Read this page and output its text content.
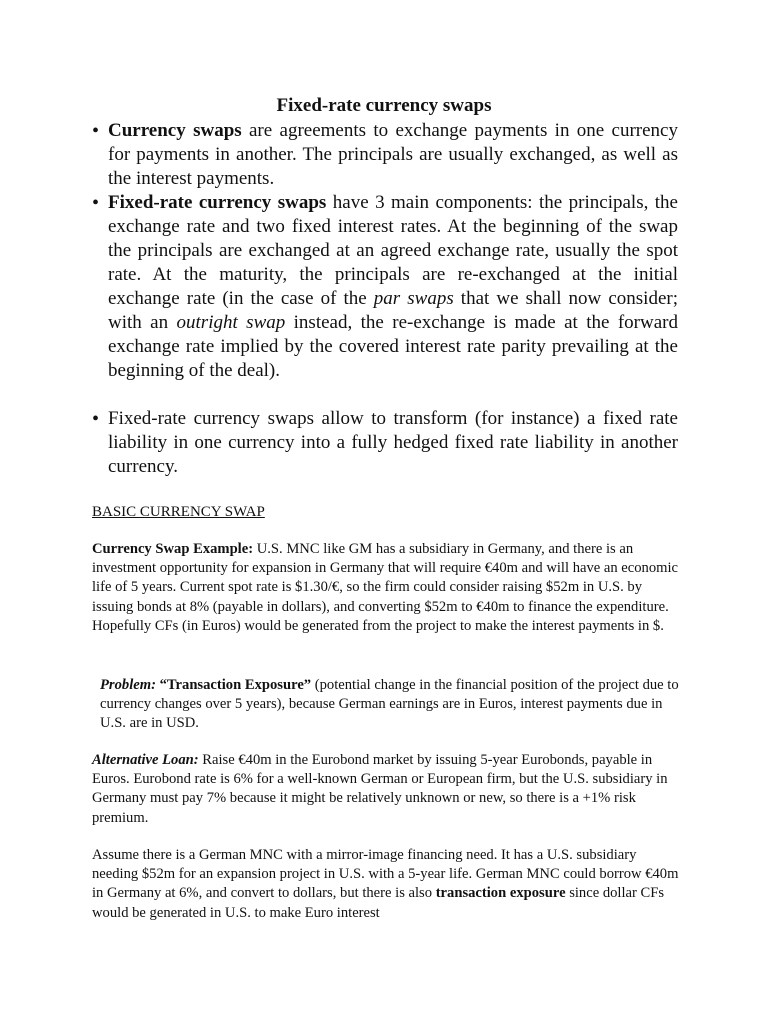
Fixed-rate currency swaps
• Currency swaps are agreements to exchange payments in one currency for payments in another. The principals are usually exchanged, as well as the interest payments.
• Fixed-rate currency swaps have 3 main components: the principals, the exchange rate and two fixed interest rates. At the beginning of the swap the principals are exchanged at an agreed exchange rate, usually the spot rate. At the maturity, the principals are re-exchanged at the initial exchange rate (in the case of the par swaps that we shall now consider; with an outright swap instead, the re-exchange is made at the forward exchange rate implied by the covered interest rate parity prevailing at the beginning of the deal).
• Fixed-rate currency swaps allow to transform (for instance) a fixed rate liability in one currency into a fully hedged fixed rate liability in another currency.
BASIC CURRENCY SWAP

Currency Swap Example: U.S. MNC like GM has a subsidiary in Germany, and there is an investment opportunity for expansion in Germany that will require €40m and will have an economic life of 5 years. Current spot rate is $1.30/€, so the firm could consider raising $52m in U.S. by issuing bonds at 8% (payable in dollars), and converting $52m to €40m to finance the expenditure. Hopefully CFs (in Euros) would be generated from the project to make the interest payments in $.

Problem: “Transaction Exposure” (potential change in the financial position of the project due to currency changes over 5 years), because German earnings are in Euros, interest payments due in U.S. are in USD.

Alternative Loan: Raise €40m in the Eurobond market by issuing 5-year Eurobonds, payable in Euros. Eurobond rate is 6% for a well-known German or European firm, but the U.S. subsidiary in Germany must pay 7% because it might be relatively unknown or new, so there is a +1% risk premium.

Assume there is a German MNC with a mirror-image financing need. It has a U.S. subsidiary needing $52m for an expansion project in U.S. with a 5-year life. German MNC could borrow €40m in Germany at 6%, and convert to dollars, but there is also transaction exposure since dollar CFs would be generated in U.S. to make Euro interest
